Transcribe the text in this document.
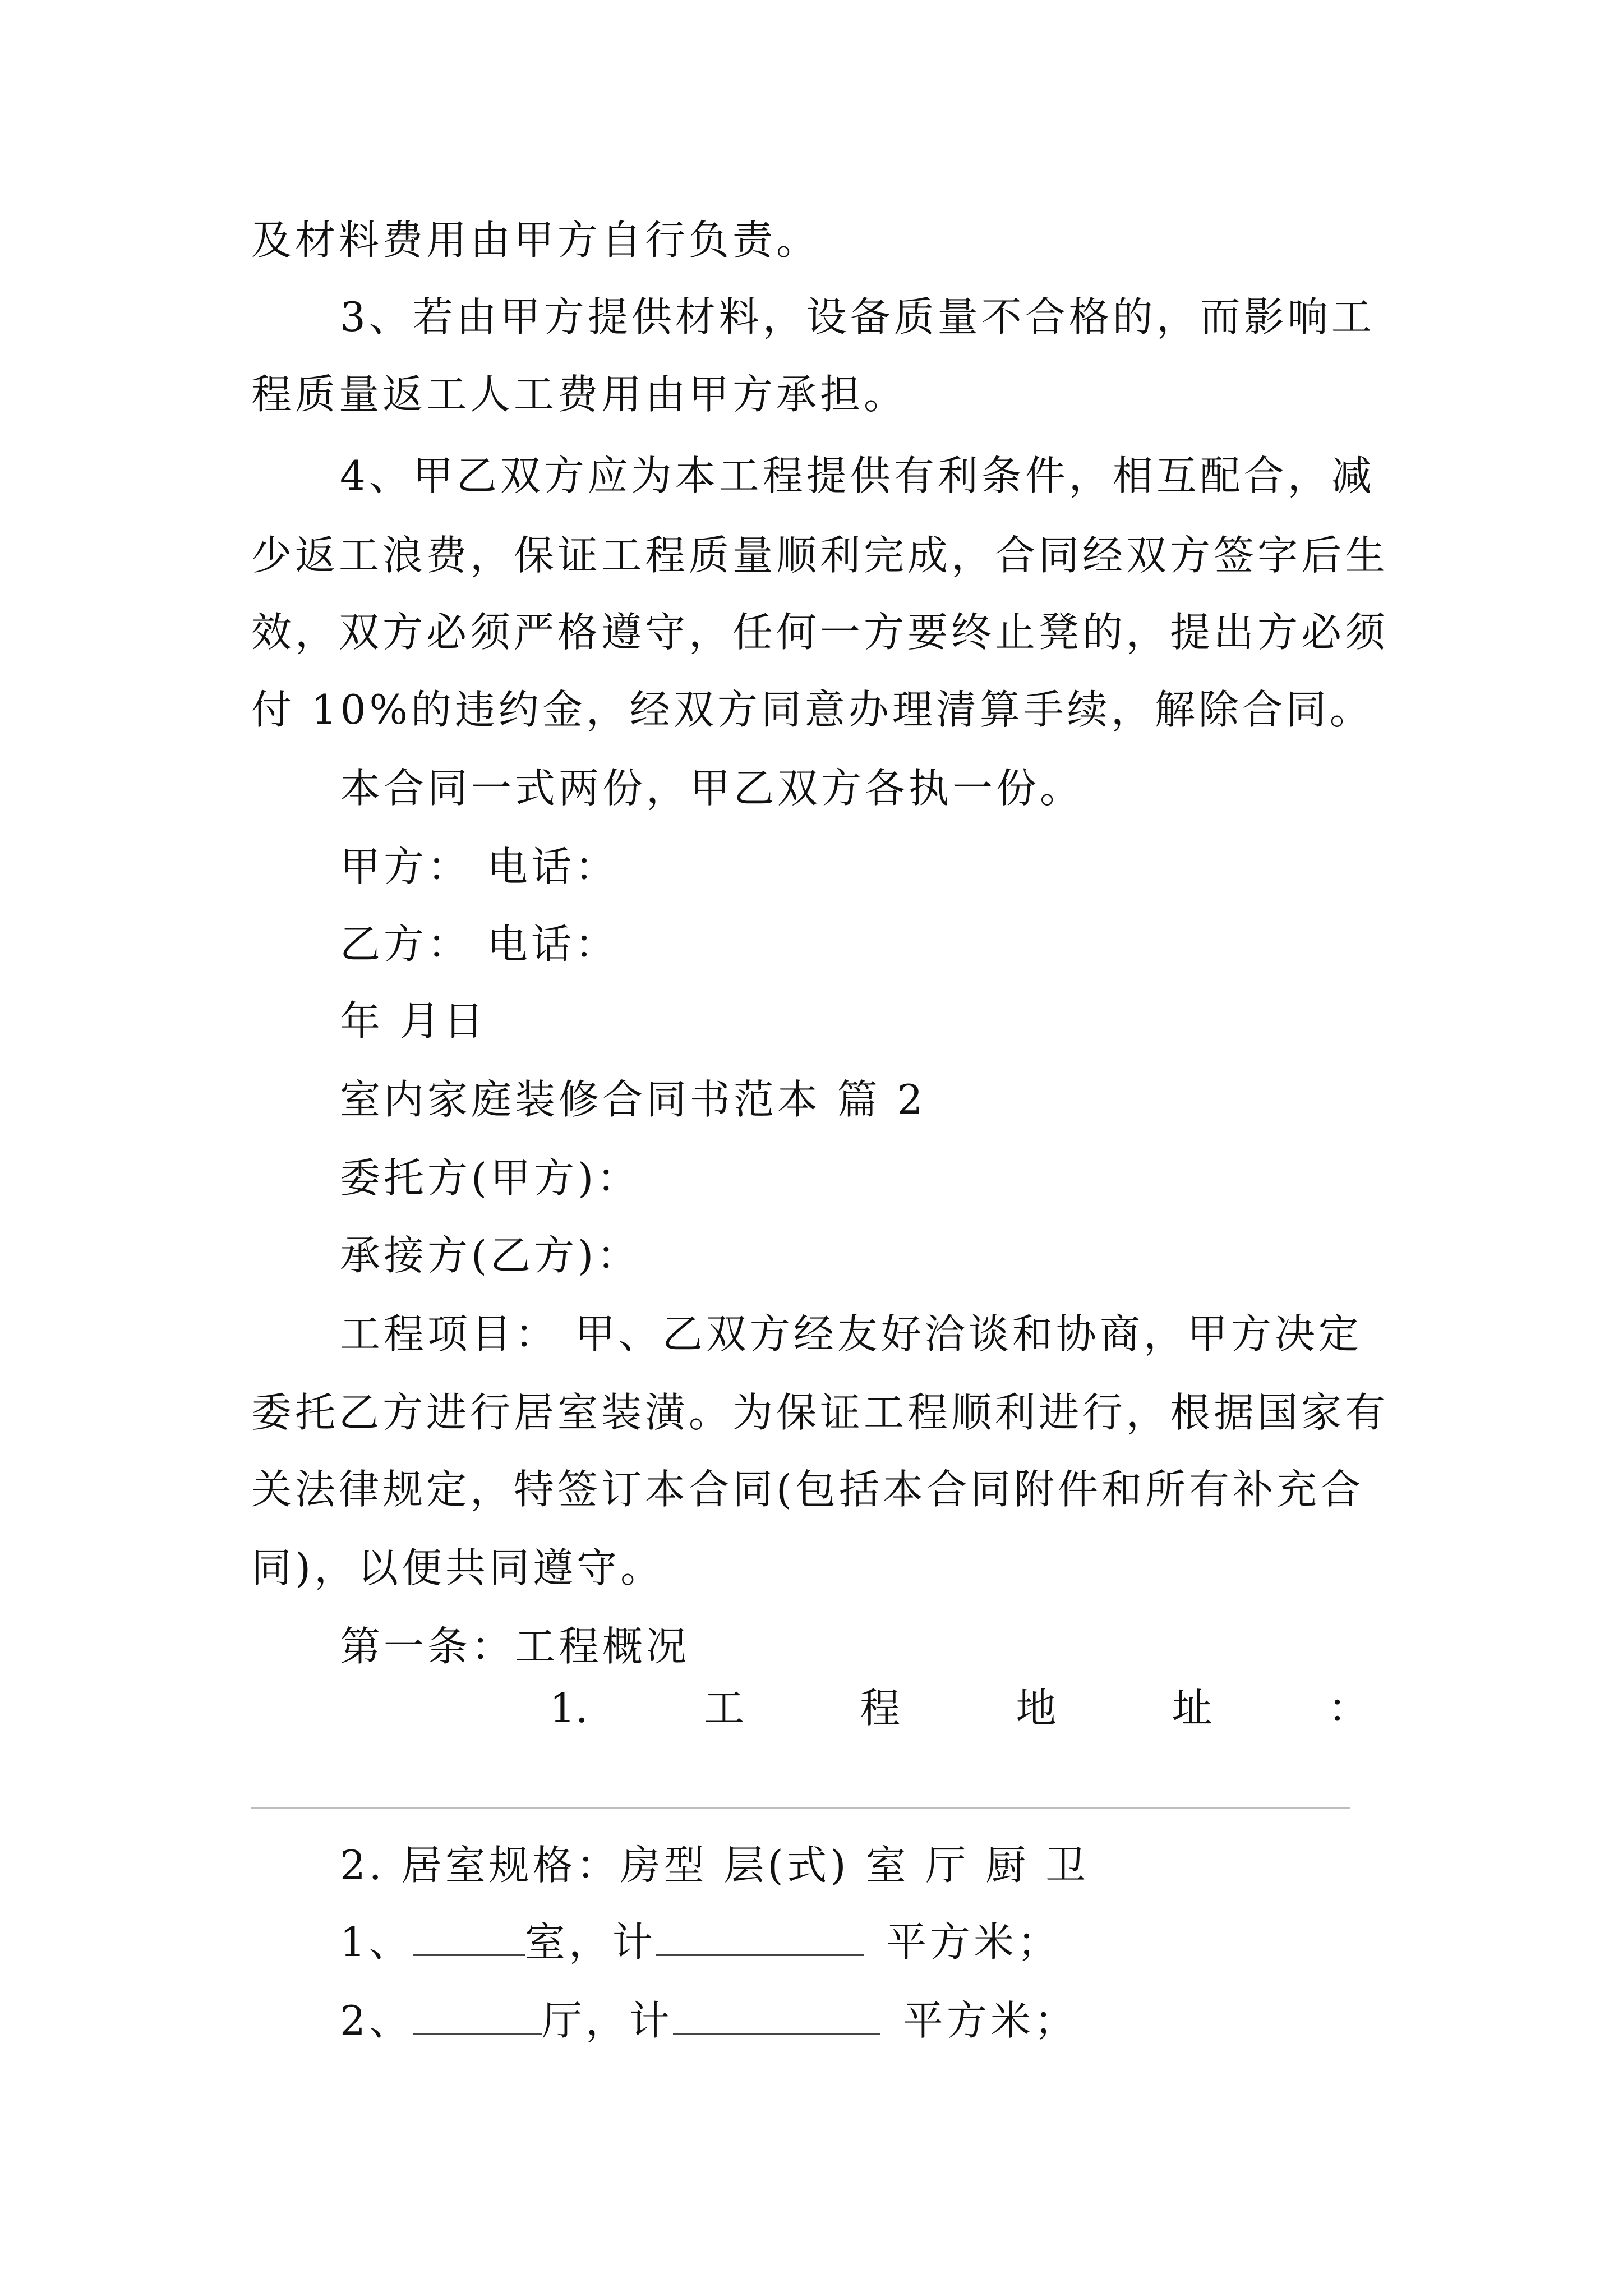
及材料费用由甲方自行负责。
3、若由甲方提供材料，设备质量不合格的，而影响工
程质量返工人工费用由甲方承担。
4、甲乙双方应为本工程提供有利条件，相互配合，减
少返工浪费，保证工程质量顺利完成，合同经双方签字后生
效，双方必须严格遵守，任何一方要终止凳的，提出方必须
付 10%的违约金，经双方同意办理清算手续，解除合同。
本合同一式两份，甲乙双方各执一份。
甲方： 电话：
乙方： 电话：
年 月日
室内家庭装修合同书范本 篇 2
委托方(甲方)：
承接方(乙方)：
工程项目： 甲、乙双方经友好洽谈和协商，甲方决定
委托乙方进行居室装潢。为保证工程顺利进行，根据国家有
关法律规定，特签订本合同(包括本合同附件和所有补充合
同)，以便共同遵守。
第一条：工程概况
1.	工	程	地	址	：
2. 居室规格：房型 层(式) 室 厅 厨 卫
1、	室，计	平方米；
2、	厅，计	平方米；
